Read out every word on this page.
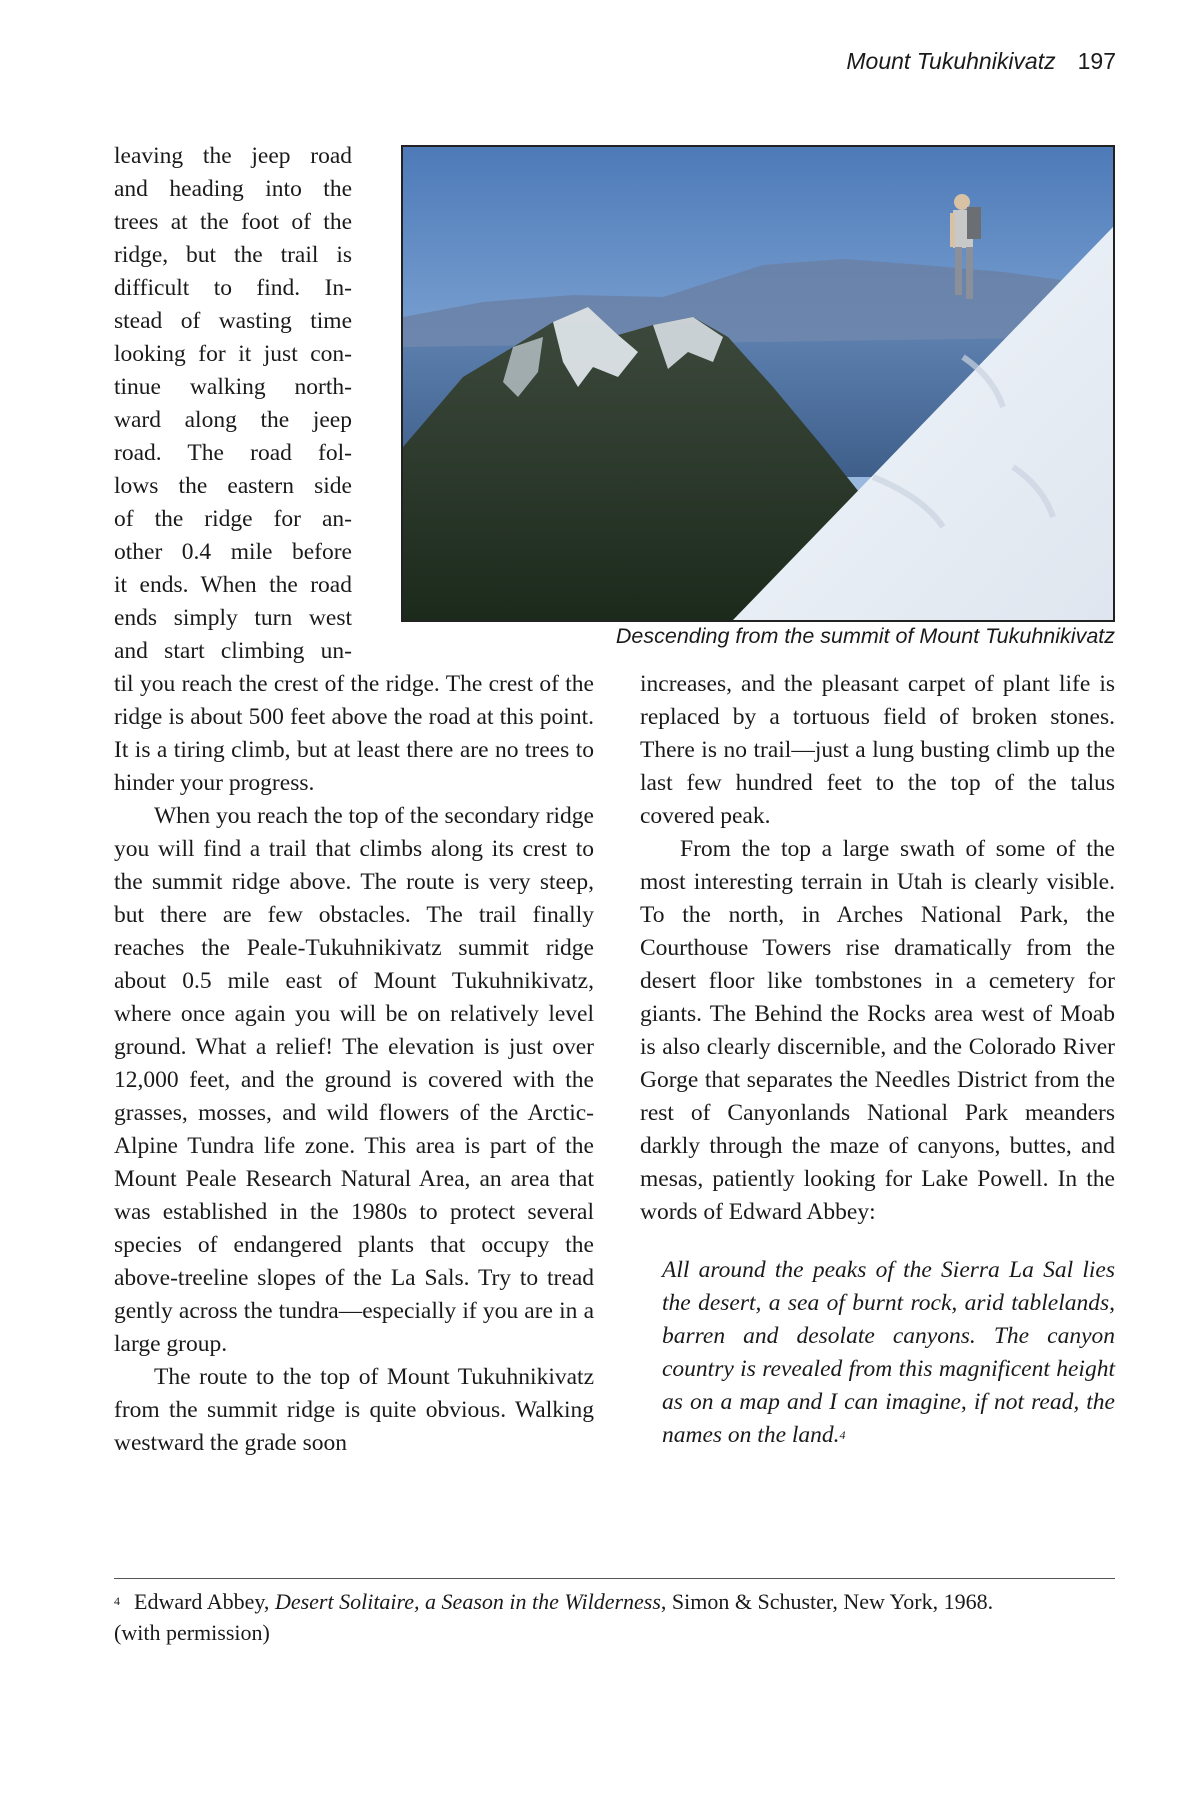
Mount Tukuhnikivatz 197
leaving the jeep road
and heading into the
trees at the foot of the
ridge, but the trail is
difficult to find. In-
stead of wasting time
looking for it just con-
tinue walking north-
ward along the jeep
road. The road fol-
lows the eastern side
of the ridge for an-
other 0.4 mile before
it ends. When the road
ends simply turn west
and start climbing un-
Descending from the summit of Mount Tukuhnikivatz

til you reach the crest of the ridge. The crest of the ridge is about 500 feet above the road at this point. It is a tiring climb, but at least there are no trees to hinder your progress.

When you reach the top of the secondary ridge you will find a trail that climbs along its crest to the summit ridge above. The route is very steep, but there are few obstacles. The trail finally reaches the Peale-Tukuhnikivatz summit ridge about 0.5 mile east of Mount Tukuhnikivatz, where once again you will be on relatively level ground. What a relief! The elevation is just over 12,000 feet, and the ground is covered with the grasses, mosses, and wild flowers of the Arctic-Alpine Tundra life zone. This area is part of the Mount Peale Research Natural Area, an area that was established in the 1980s to protect several species of endangered plants that occupy the above-treeline slopes of the La Sals. Try to tread gently across the tundra—especially if you are in a large group.

The route to the top of Mount Tukuhnikivatz from the summit ridge is quite obvious. Walking westward the grade soon

increases, and the pleasant carpet of plant life is replaced by a tortuous field of broken stones. There is no trail—just a lung busting climb up the last few hundred feet to the top of the talus covered peak.

From the top a large swath of some of the most interesting terrain in Utah is clearly visible. To the north, in Arches National Park, the Courthouse Towers rise dramatically from the desert floor like tombstones in a cemetery for giants. The Behind the Rocks area west of Moab is also clearly discernible, and the Colorado River Gorge that separates the Needles District from the rest of Canyonlands National Park meanders darkly through the maze of canyons, buttes, and mesas, patiently looking for Lake Powell. In the words of Edward Abbey:

All around the peaks of the Sierra La Sal lies the desert, a sea of burnt rock, arid tablelands, barren and desolate canyons. The canyon country is revealed from this magnificent height as on a map and I can imagine, if not read, the names on the land.$^4$

$^4$ Edward Abbey, Desert Solitaire, a Season in the Wilderness, Simon & Schuster, New York, 1968.
(with permission)
